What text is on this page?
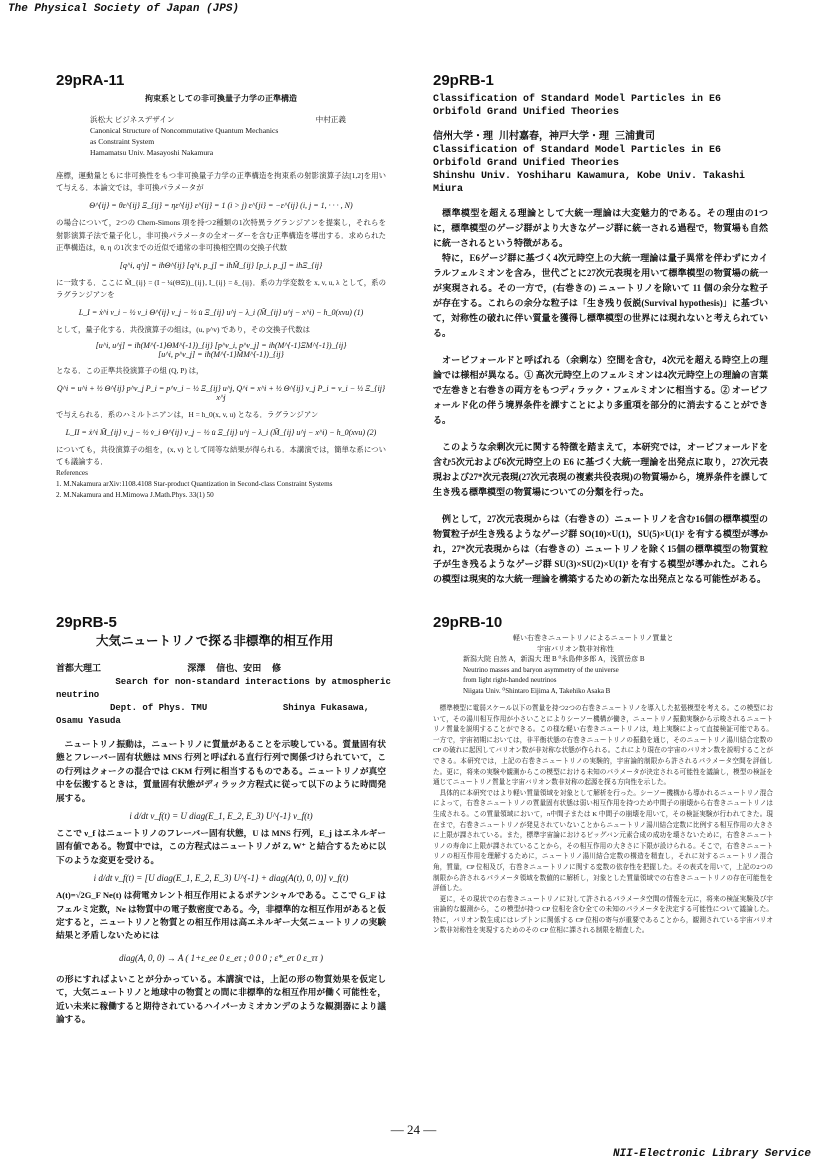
The Physical Society of Japan (JPS)
29pRA-11
拘束系としての非可換量子力学の正準構造
浜松大 ビジネスデザイン	中村正義
Canonical Structure of Noncommutative Quantum Mechanics
as Constraint System
Hamamatsu Univ. Masayoshi Nakamura

座標，運動量ともに非可換性をもつ非可換量子力学の正準構造を拘束系の射影演算子法[1,2]を用いて与える．本論文では，非可換パラメータが

Θ^{ij} = θε^{ij} Ξ_{ij} = ηε^{ij} ε^{ij} = 1 (i > j) ε^{ji} = −ε^{ij} (i, j = 1, · · · , N)

の場合について，2つの Chern-Simons 項を持つ2種類の1次特異ラグランジアンを提案し，それらを射影演算子法で量子化し，非可換パラメータの全オーダーを含む正準構造を導出する．求められた正準構造は，θ, η の1次までの近似で通常の非可換相空間の交換子代数

[q^i, q^j] = iħΘ^{ij} [q^i, p_j] = iħM̃_{ij} [p_i, p_j] = iħΞ_{ij}

に一致する．ここに M̃_{ij} = (I − ¼(ΘΞ))_{ij}, I_{ij} = δ_{ij}．系の力学変数を x, v, u, λ として，系のラグランジアンを

L_I = ẋ^i v_i − ½ v_i Θ^{ij} v_j − ½ u̇ Ξ_{ij} u^j − λ_i (M̃_{ij} u^j − x^i) − h_0(xvu) (1)

として，量子化する．共役演算子の組は，(u, p^v) であり，その交換子代数は

[u^i, u^j] = iħ(M^{-1}ΘM^{-1})_{ij} [p^v_i, p^v_j] = iħ(M^{-1}ΞM^{-1})_{ij}
[u^i, p^v_j] = iħ(M^{-1}M̃M^{-1})_{ij}

となる．この正準共役演算子の組 (Q, P) は，

Q^i = u^i + ½ Θ^{ij} p^v_j P_i = p^v_i − ½ Ξ_{ij} u^j, Q^i = x^i + ½ Θ^{ij} v_j P_i = v_i − ½ Ξ_{ij} x^j

で与えられる．系のハミルトニアンは，H = h_0(x, v, u) となる．ラグランジアン

L_II = ẋ^i M̃_{ij} v_j − ½ v̇_i Θ^{ij} v_j − ½ u̇ Ξ_{ij} u^j − λ_i (M̃_{ij} u^j − x^i) − h_0(xvu) (2)

についても，共役演算子の組を，(x, v) として同等な結果が得られる．本講演では，簡単な系についても議論する．

References
1. M.Nakamura arXiv:1108.4108 Star-product Quantization in Second-class Constraint Systems
2. M.Nakamura and H.Mimowa J.Math.Phys. 33(1) 50
29pRB-1
Classification of Standard Model Particles in E6 Orbifold Grand Unified Theories
信州大学・理 川村嘉春，神戸大学・理 三浦貴司
Classification of Standard Model Particles in E6 Orbifold Grand Unified Theories
Shinshu Univ. Yoshiharu Kawamura, Kobe Univ. Takashi Miura

標準模型を超える理論として大統一理論は大変魅力的である。その理由の1つに，標準模型のゲージ群がより大きなゲージ群に統一される過程で，物質場も自然に統一されるという特徴がある。

特に，E6ゲージ群に基づく4次元時空上の大統一理論は量子異常を伴わずにカイラルフェルミオンを含み，世代ごとに27次元表現を用いて標準模型の物質場の統一が実現される。その一方で，(右巻きの) ニュートリノを除いて 11 個の余分な粒子が存在する。これらの余分な粒子は「生き残り仮説(Survival hypothesis)」に基づいて，対称性の破れに伴い質量を獲得し標準模型の世界には現れないと考えられている。

オービフォールドと呼ばれる（余剰な）空間を含む，4次元を超える時空上の理論では様相が異なる。① 高次元時空上のフェルミオンは4次元時空上の理論の言葉で左巻きと右巻きの両方をもつディラック・フェルミオンに相当する。② オービフォールド化の伴う境界条件を課すことにより多重項を部分的に消去することができる。

このような余剰次元に関する特徴を踏まえて，本研究では，オービフォールドを含む5次元および6次元時空上の E6 に基づく大統一理論を出発点に取り，27次元表現および27*次元表現(27次元表現の複素共役表現)の物質場から，境界条件を課して生き残る標準模型の物質場についての分類を行った。

例として，27次元表現からは（右巻きの）ニュートリノを含む16個の標準模型の物質粒子が生き残るようなゲージ群 SO(10)×U(1)，SU(5)×U(1)² を有する模型が導かれ，27*次元表現からは（右巻きの）ニュートリノを除く15個の標準模型の物質粒子が生き残るようなゲージ群 SU(3)×SU(2)×U(1)³ を有する模型が導かれた。これらの模型は現実的な大統一理論を構築するための新たな出発点となる可能性がある。

29pRB-5
大気ニュートリノで探る非標準的相互作用
首都大理工                深澤  信也、安田  修
Search for non-standard interactions by atmospheric
neutrino
Dept. of Phys. TMU              Shinya Fukasawa,
Osamu Yasuda

ニュートリノ振動は，ニュートリノに質量があることを示唆している。質量固有状態とフレーバー固有状態は MNS 行列と呼ばれる直行行列で関係づけられていて，この行列はクォークの混合では CKM 行列に相当するものである。ニュートリノが真空中を伝搬するときは，質量固有状態がディラック方程式に従って以下のように時間発展する。

i d/dt ν_f(t) = U diag(E_1, E_2, E_3) U^{-1} ν_f(t)

ここで ν_f はニュートリノのフレーバー固有状態，U は MNS 行列，E_j はエネルギー固有値である。物質中では，この方程式はニュートリノが Z, W⁺ と結合するために以下のような変更を受ける。

i d/dt ν_f(t) = [U diag(E_1, E_2, E_3) U^{-1} + diag(A(t), 0, 0)] ν_f(t)

A(t)=√2G_F Ne(t) は荷電カレント相互作用によるポテンシャルである。ここで G_F はフェルミ定数，Ne は物質中の電子数密度である。今，非標準的な相互作用があると仮定すると，ニュートリノと物質との相互作用は高エネルギー大気ニュートリノの実験結果と矛盾しないためには

diag(A, 0, 0) → A ( 1+ε_ee 0 ε_eτ ; 0 0 0 ; ε*_eτ 0 ε_ττ )

の形にすればよいことが分かっている。本講演では，上記の形の物質効果を仮定して，大気ニュートリノと地球中の物質との間に非標準的な相互作用が働く可能性を，近い未来に稼働すると期待されているハイパーカミオカンデのような観測器により議論する。

29pRB-10
軽い右巻きニュートリノによるニュートリノ質量と
宇宙バリオン数非対称性
新潟大院 自然 A，新潟大 理 B ⁰永島伸多郎 A，浅賀岳彦 B
Neutrino masses and baryon asymmetry of the universe
from light right-handed neutrinos
Niigata Univ. ⁰Shintaro Eijima A, Takehiko Asaka B

標準模型に電弱スケール以下の質量を持つ2つの右巻きニュートリノを導入した拡張模型を考える。この模型において，その湯川相互作用が小さいことによりシーソー機構が働き，ニュートリノ振動実験から示唆されるニュートリノ質量を説明することができる。この様な軽い右巻きニュートリノは，地上実験によって直接検証可能である。一方で，宇宙初期においては，非平衡状態の右巻きニュートリノの振動を通じ，そのニュートリノ湯川結合定数の CP の破れに起因してバリオン数が非対称な状態が作られる。これにより現在の宇宙のバリオン数を説明することができる。本研究では，上記の右巻きニュートリノの実験的，宇宙論的制限から許されるパラメータ空間を評価した。更に，将来の実験や観測からこの模型における未知のパラメータが決定される可能性を議論し，模型の検証を通じてニュートリノ質量と宇宙バリオン数非対称の起源を探る方向性を示した。

具体的に本研究ではより軽い質量領域を対象として解析を行った。シーソー機構から導かれるニュートリノ混合によって，右巻きニュートリノの質量固有状態は弱い相互作用を持つため中間子の崩壊から右巻きニュートリノは生成される。この質量領域において，π中間子または K 中間子の崩壊を用いて，その検証実験が行われてきた。現在まで，右巻きニュートリノが発見されていないことからニュートリノ湯川結合定数に比例する相互作用の大きさに上限が課されている。また，標準宇宙論におけるビッグバン元素合成の成功を壊さないために，右巻きニュートリノの寿命に上限が課されていることから，その相互作用の大きさに下限が設けられる。そこで，右巻きニュートリノの相互作用を理解するために，ニュートリノ湯川結合定数の構造を精査し，それに対するニュートリノ混合角，質量，CP 位相及び，右巻きニュートリノに関する変数の依存性を把握した。その表式を用いて，上記の2つの制限から許されるパラメータ領域を数値的に解析し，対象とした質量領域での右巻きニュートリノの存在可能性を評価した。

更に，その現状での右巻きニュートリノに対して許されるパラメータ空間の情報を元に，将来の検証実験及び宇宙論的な観測から，この模型が持つ CP 位相を含む全ての未知のパラメータを決定する可能性について議論した。特に，バリオン数生成にはレプトンに関係する CP 位相の寄与が重要であることから，観測されている宇宙バリオン数非対称性を実現するためのその CP 位相に課される制限を精査した。

— 24 —
NII-Electronic Library Service
